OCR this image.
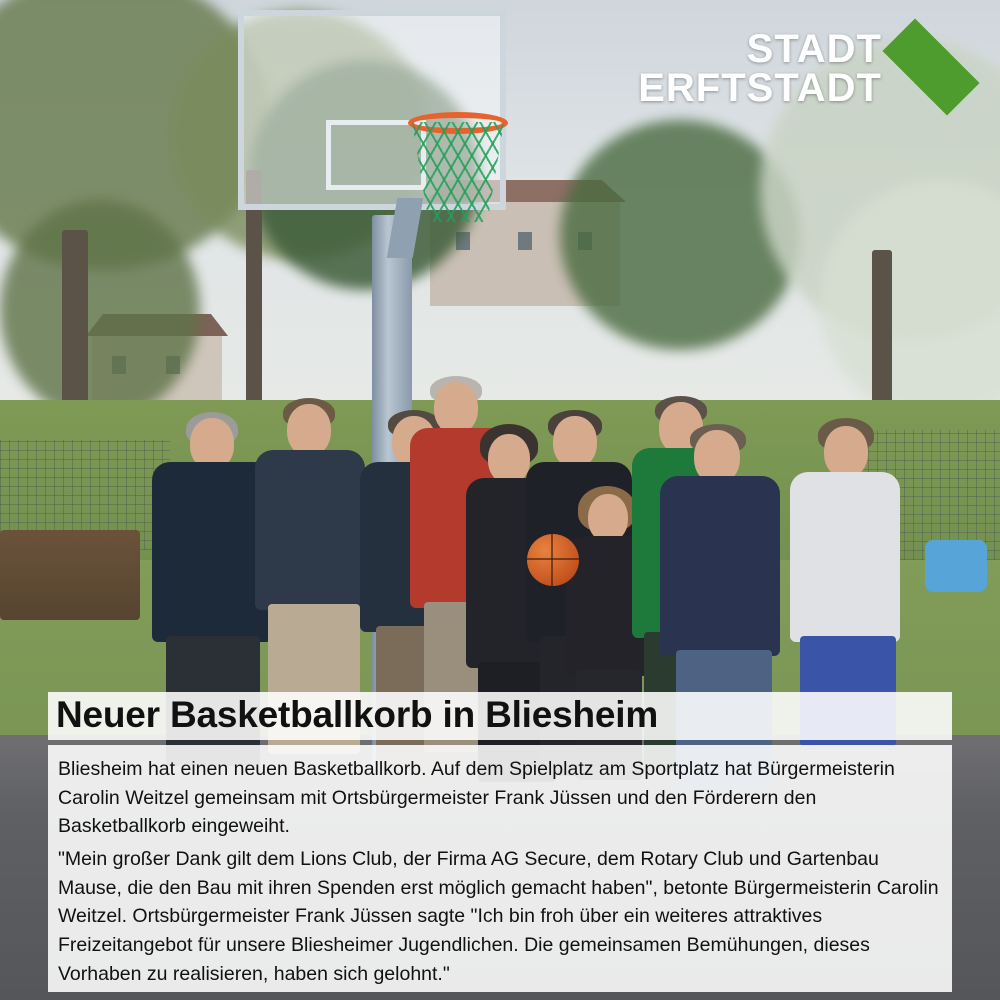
STADT
ERFTSTADT
Neuer Basketballkorb in Bliesheim

Bliesheim hat einen neuen Basketballkorb. Auf dem Spielplatz am Sportplatz hat Bürgermeisterin Carolin Weitzel gemeinsam mit Ortsbürgermeister Frank Jüssen und den Förderern den Basketballkorb eingeweiht.

"Mein großer Dank gilt dem Lions Club, der Firma AG Secure, dem Rotary Club und Gartenbau Mause, die den Bau mit ihren Spenden erst möglich gemacht haben", betonte Bürgermeisterin Carolin Weitzel. Ortsbürgermeister Frank Jüssen sagte "Ich bin froh über ein weiteres attraktives Freizeitangebot für unsere Bliesheimer Jugendlichen. Die gemeinsamen Bemühungen, dieses Vorhaben zu realisieren, haben sich gelohnt."
